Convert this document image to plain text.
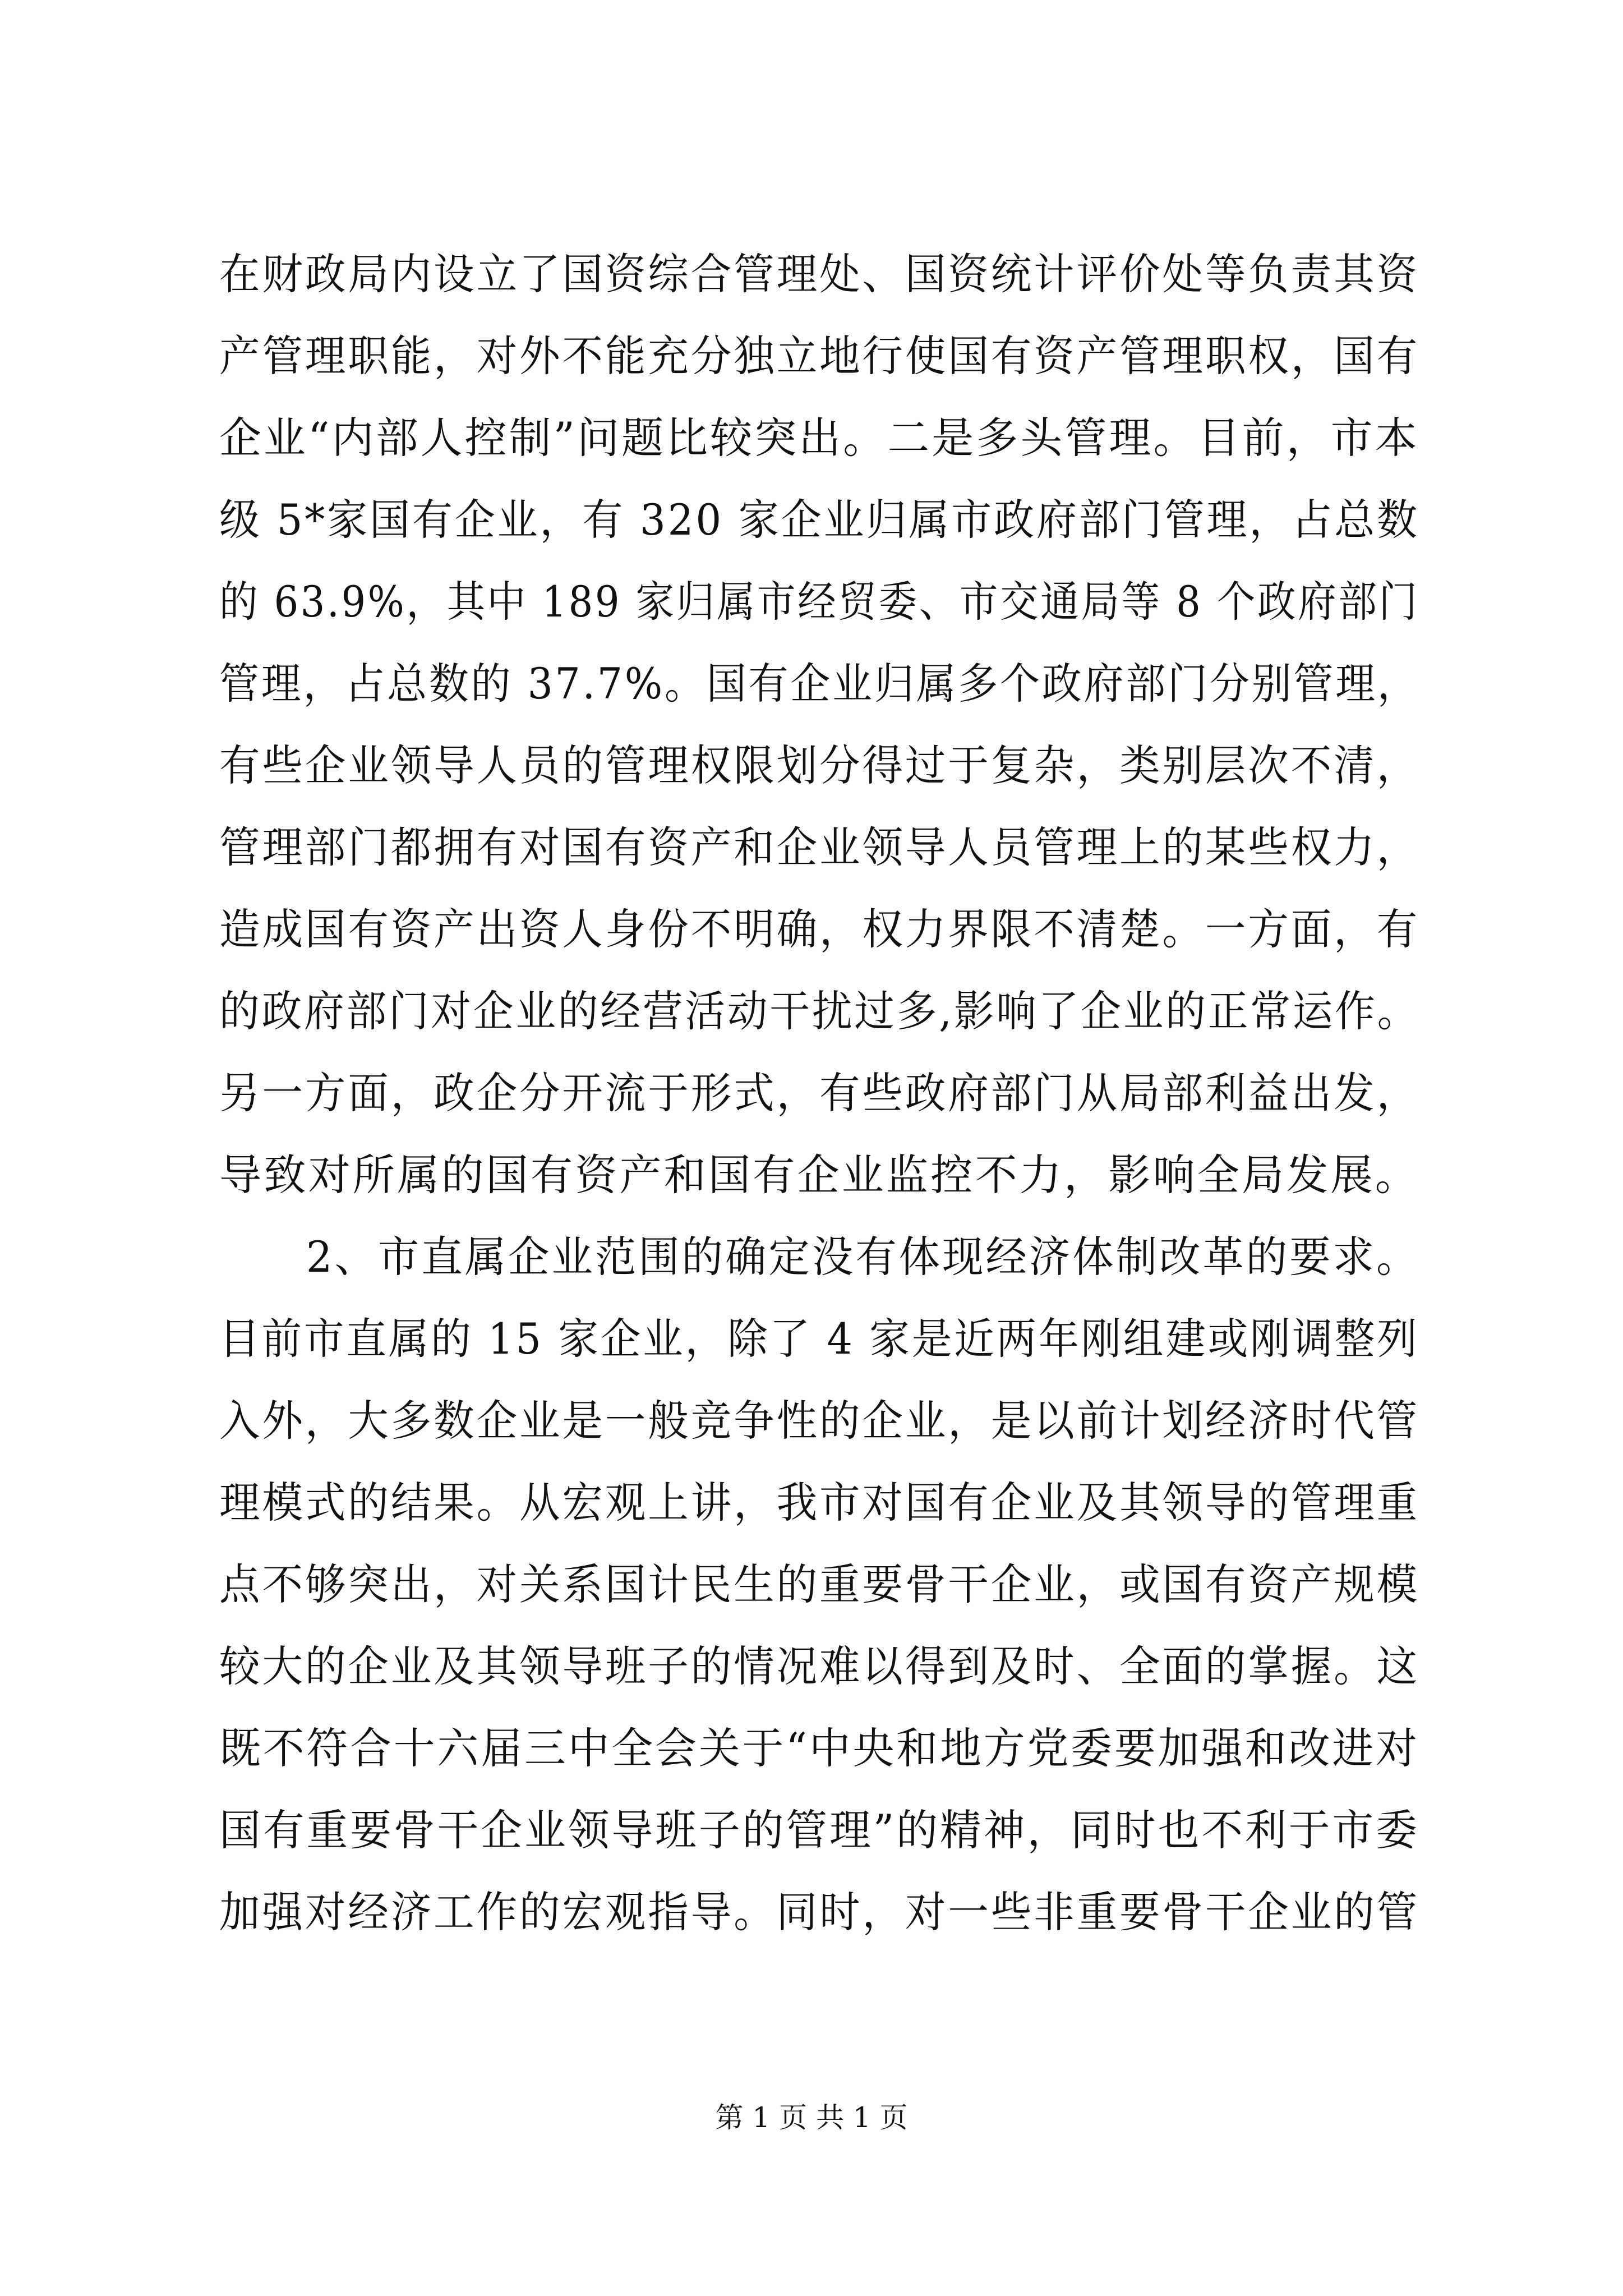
在财政局内设立了国资综合管理处、国资统计评价处等负责其资
产管理职能，对外不能充分独立地行使国有资产管理职权，国有
企业“内部人控制”问题比较突出。二是多头管理。目前，市本
级 5*家国有企业，有 320 家企业归属市政府部门管理，占总数
的 63.9%，其中 189 家归属市经贸委、市交通局等 8 个政府部门
管理，占总数的 37.7%。国有企业归属多个政府部门分别管理，
有些企业领导人员的管理权限划分得过于复杂，类别层次不清，
管理部门都拥有对国有资产和企业领导人员管理上的某些权力，
造成国有资产出资人身份不明确，权力界限不清楚。一方面，有
的政府部门对企业的经营活动干扰过多,影响了企业的正常运作。
另一方面，政企分开流于形式，有些政府部门从局部利益出发，
导致对所属的国有资产和国有企业监控不力，影响全局发展。
　　2、市直属企业范围的确定没有体现经济体制改革的要求。
目前市直属的 15 家企业，除了 4 家是近两年刚组建或刚调整列
入外，大多数企业是一般竞争性的企业，是以前计划经济时代管
理模式的结果。从宏观上讲，我市对国有企业及其领导的管理重
点不够突出，对关系国计民生的重要骨干企业，或国有资产规模
较大的企业及其领导班子的情况难以得到及时、全面的掌握。这
既不符合十六届三中全会关于“中央和地方党委要加强和改进对
国有重要骨干企业领导班子的管理”的精神，同时也不利于市委
加强对经济工作的宏观指导。同时，对一些非重要骨干企业的管
第 1 页 共 1 页
